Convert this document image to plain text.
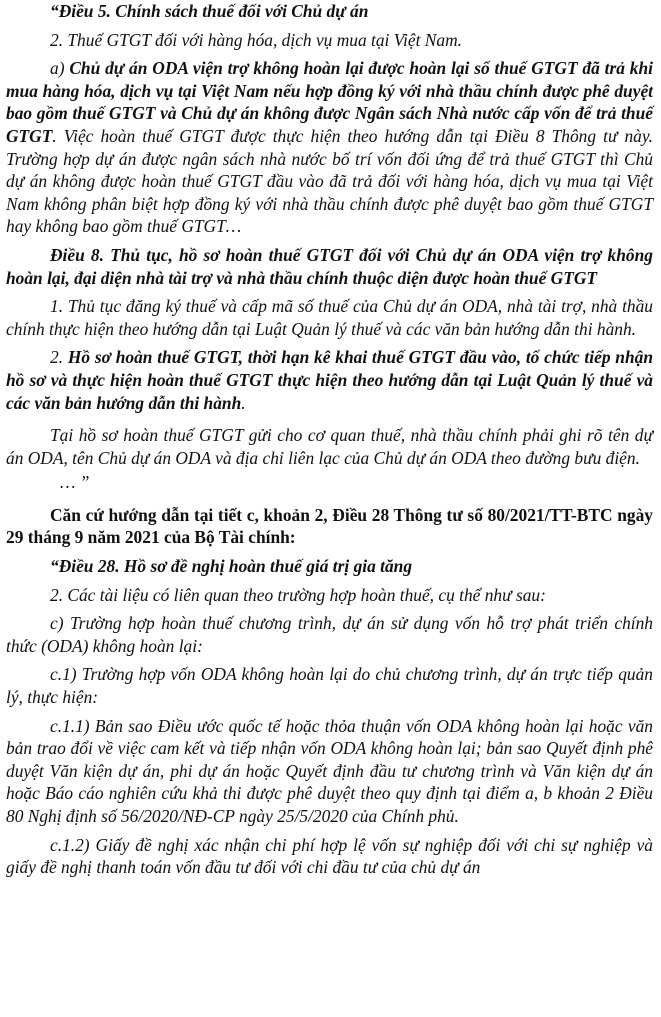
“Điều 5. Chính sách thuế đối với Chủ dự án

2. Thuế GTGT đối với hàng hóa, dịch vụ mua tại Việt Nam.

a) Chủ dự án ODA viện trợ không hoàn lại được hoàn lại số thuế GTGT đã trả khi mua hàng hóa, dịch vụ tại Việt Nam nếu hợp đồng ký với nhà thầu chính được phê duyệt bao gồm thuế GTGT và Chủ dự án không được Ngân sách Nhà nước cấp vốn để trả thuế GTGT. Việc hoàn thuế GTGT được thực hiện theo hướng dẫn tại Điều 8 Thông tư này. Trường hợp dự án được ngân sách nhà nước bố trí vốn đối ứng để trả thuế GTGT thì Chủ dự án không được hoàn thuế GTGT đầu vào đã trả đối với hàng hóa, dịch vụ mua tại Việt Nam không phân biệt hợp đồng ký với nhà thầu chính được phê duyệt bao gồm thuế GTGT hay không bao gồm thuế GTGT…

Điều 8. Thủ tục, hồ sơ hoàn thuế GTGT đối với Chủ dự án ODA viện trợ không hoàn lại, đại diện nhà tài trợ và nhà thầu chính thuộc diện được hoàn thuế GTGT

1. Thủ tục đăng ký thuế và cấp mã số thuế của Chủ dự án ODA, nhà tài trợ, nhà thầu chính thực hiện theo hướng dẫn tại Luật Quản lý thuế và các văn bản hướng dẫn thi hành.

2. Hồ sơ hoàn thuế GTGT, thời hạn kê khai thuế GTGT đầu vào, tổ chức tiếp nhận hồ sơ và thực hiện hoàn thuế GTGT thực hiện theo hướng dẫn tại Luật Quản lý thuế và các văn bản hướng dẫn thi hành.

Tại hồ sơ hoàn thuế GTGT gửi cho cơ quan thuế, nhà thầu chính phải ghi rõ tên dự án ODA, tên Chủ dự án ODA và địa chỉ liên lạc của Chủ dự án ODA theo đường bưu điện.

… ”

Căn cứ hướng dẫn tại tiết c, khoản 2, Điều 28 Thông tư số 80/2021/TT-BTC ngày 29 tháng 9 năm 2021 của Bộ Tài chính:

“Điều 28. Hồ sơ đề nghị hoàn thuế giá trị gia tăng

2. Các tài liệu có liên quan theo trường hợp hoàn thuế, cụ thể như sau:

c) Trường hợp hoàn thuế chương trình, dự án sử dụng vốn hỗ trợ phát triển chính thức (ODA) không hoàn lại:

c.1) Trường hợp vốn ODA không hoàn lại do chủ chương trình, dự án trực tiếp quản lý, thực hiện:

c.1.1) Bản sao Điều ước quốc tế hoặc thỏa thuận vốn ODA không hoàn lại hoặc văn bản trao đổi về việc cam kết và tiếp nhận vốn ODA không hoàn lại; bản sao Quyết định phê duyệt Văn kiện dự án, phi dự án hoặc Quyết định đầu tư chương trình và Văn kiện dự án hoặc Báo cáo nghiên cứu khả thi được phê duyệt theo quy định tại điểm a, b khoản 2 Điều 80 Nghị định số 56/2020/NĐ-CP ngày 25/5/2020 của Chính phủ.

c.1.2) Giấy đề nghị xác nhận chi phí hợp lệ vốn sự nghiệp đối với chi sự nghiệp và giấy đề nghị thanh toán vốn đầu tư đối với chi đầu tư của chủ dự án
